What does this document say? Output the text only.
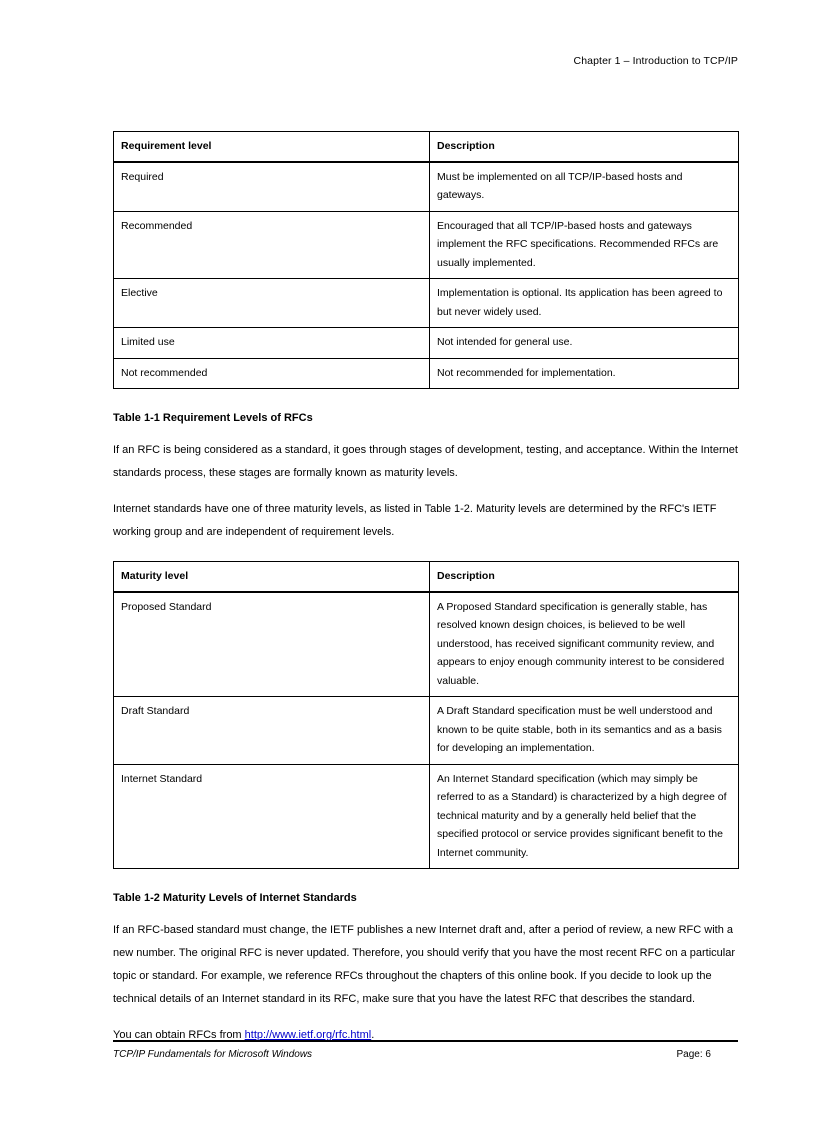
Chapter 1 – Introduction to TCP/IP
Requirement level	Description
Required	Must be implemented on all TCP/IP-based hosts and gateways.
Recommended	Encouraged that all TCP/IP-based hosts and gateways implement the RFC specifications. Recommended RFCs are usually implemented.
Elective	Implementation is optional. Its application has been agreed to but never widely used.
Limited use	Not intended for general use.
Not recommended	Not recommended for implementation.
Table 1-1 Requirement Levels of RFCs

If an RFC is being considered as a standard, it goes through stages of development, testing, and acceptance. Within the Internet standards process, these stages are formally known as maturity levels.

Internet standards have one of three maturity levels, as listed in Table 1-2. Maturity levels are determined by the RFC's IETF working group and are independent of requirement levels.

Maturity level	Description
Proposed Standard	A Proposed Standard specification is generally stable, has resolved known design choices, is believed to be well understood, has received significant community review, and appears to enjoy enough community interest to be considered valuable.
Draft Standard	A Draft Standard specification must be well understood and known to be quite stable, both in its semantics and as a basis for developing an implementation.
Internet Standard	An Internet Standard specification (which may simply be referred to as a Standard) is characterized by a high degree of technical maturity and by a generally held belief that the specified protocol or service provides significant benefit to the Internet community.
Table 1-2 Maturity Levels of Internet Standards

If an RFC-based standard must change, the IETF publishes a new Internet draft and, after a period of review, a new RFC with a new number. The original RFC is never updated. Therefore, you should verify that you have the most recent RFC on a particular topic or standard. For example, we reference RFCs throughout the chapters of this online book. If you decide to look up the technical details of an Internet standard in its RFC, make sure that you have the latest RFC that describes the standard.

You can obtain RFCs from http://www.ietf.org/rfc.html.

TCP/IP Fundamentals for Microsoft Windows	Page: 6
